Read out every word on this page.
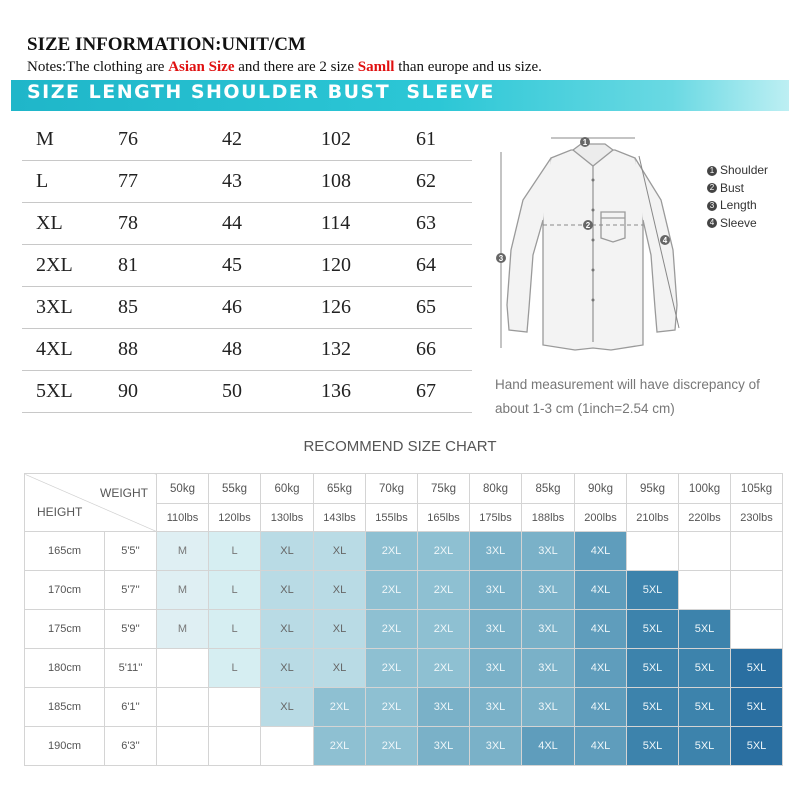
SIZE INFORMATION:UNIT/CM
Notes:The clothing are Asian Size and there are 2 size Samll than europe and us size.
SIZE LENGTH SHOULDER BUST  SLEEVE
M	76	42	102	61
L	77	43	108	62
XL	78	44	114	63
2XL 81	45	120	64
3XL 85	46	126	65
4XL 88	48	132	66
5XL 90	50	136	67
1
2
3
4
1 Shoulder
2 Bust
3 Length
4 Sleeve
Hand measurement will have discrepancy of about 1-3 cm (1inch=2.54 cm)
RECOMMEND SIZE CHART
WEIGHT
HEIGHT		50kg	55kg	60kg	65kg	70kg	75kg	80kg	85kg	90kg	95kg	100kg	105kg
		110lbs	120lbs	130lbs	143lbs	155lbs	165lbs	175lbs	188lbs	200lbs	210lbs	220lbs	230lbs
165cm	5'5''	M	L	XL	XL	2XL	2XL	3XL	3XL	4XL			
170cm	5'7''	M	L	XL	XL	2XL	2XL	3XL	3XL	4XL	5XL		
175cm	5'9''	M	L	XL	XL	2XL	2XL	3XL	3XL	4XL	5XL	5XL	
180cm	5'11''		L	XL	XL	2XL	2XL	3XL	3XL	4XL	5XL	5XL	5XL
185cm	6'1''			XL	2XL	2XL	3XL	3XL	3XL	4XL	5XL	5XL	5XL
190cm	6'3''				2XL	2XL	3XL	3XL	4XL	4XL	5XL	5XL	5XL
